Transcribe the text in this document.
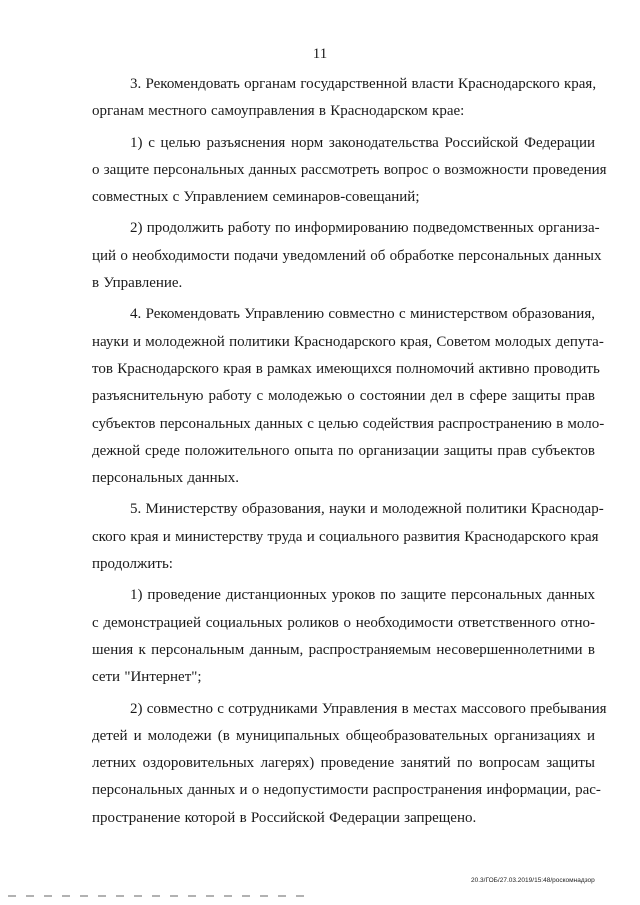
11

3. Рекомендовать органам государственной власти Краснодарского края,
органам местного самоуправления в Краснодарском крае:

1) с целью разъяснения норм законодательства Российской Федерации
о защите персональных данных рассмотреть вопрос о возможности проведения
совместных с Управлением семинаров-совещаний;

2) продолжить работу по информированию подведомственных организа-
ций о необходимости подачи уведомлений об обработке персональных данных
в Управление.

4. Рекомендовать Управлению совместно с министерством образования,
науки и молодежной политики Краснодарского края, Советом молодых депута-
тов Краснодарского края в рамках имеющихся полномочий активно проводить
разъяснительную работу с молодежью о состоянии дел в сфере защиты прав
субъектов персональных данных с целью содействия распространению в моло-
дежной среде положительного опыта по организации защиты прав субъектов
персональных данных.

5. Министерству образования, науки и молодежной политики Краснодар-
ского края и министерству труда и социального развития Краснодарского края
продолжить:

1) проведение дистанционных уроков по защите персональных данных
с демонстрацией социальных роликов о необходимости ответственного отно-
шения к персональным данным, распространяемым несовершеннолетними в
сети "Интернет";

2) совместно с сотрудниками Управления в местах массового пребывания
детей и молодежи (в муниципальных общеобразовательных организациях и
летних оздоровительных лагерях) проведение занятий по вопросам защиты
персональных данных и о недопустимости распространения информации, рас-
пространение которой в Российской Федерации запрещено.

20.3/ГОБ/27.03.2019/15:48/роскомнадзор
